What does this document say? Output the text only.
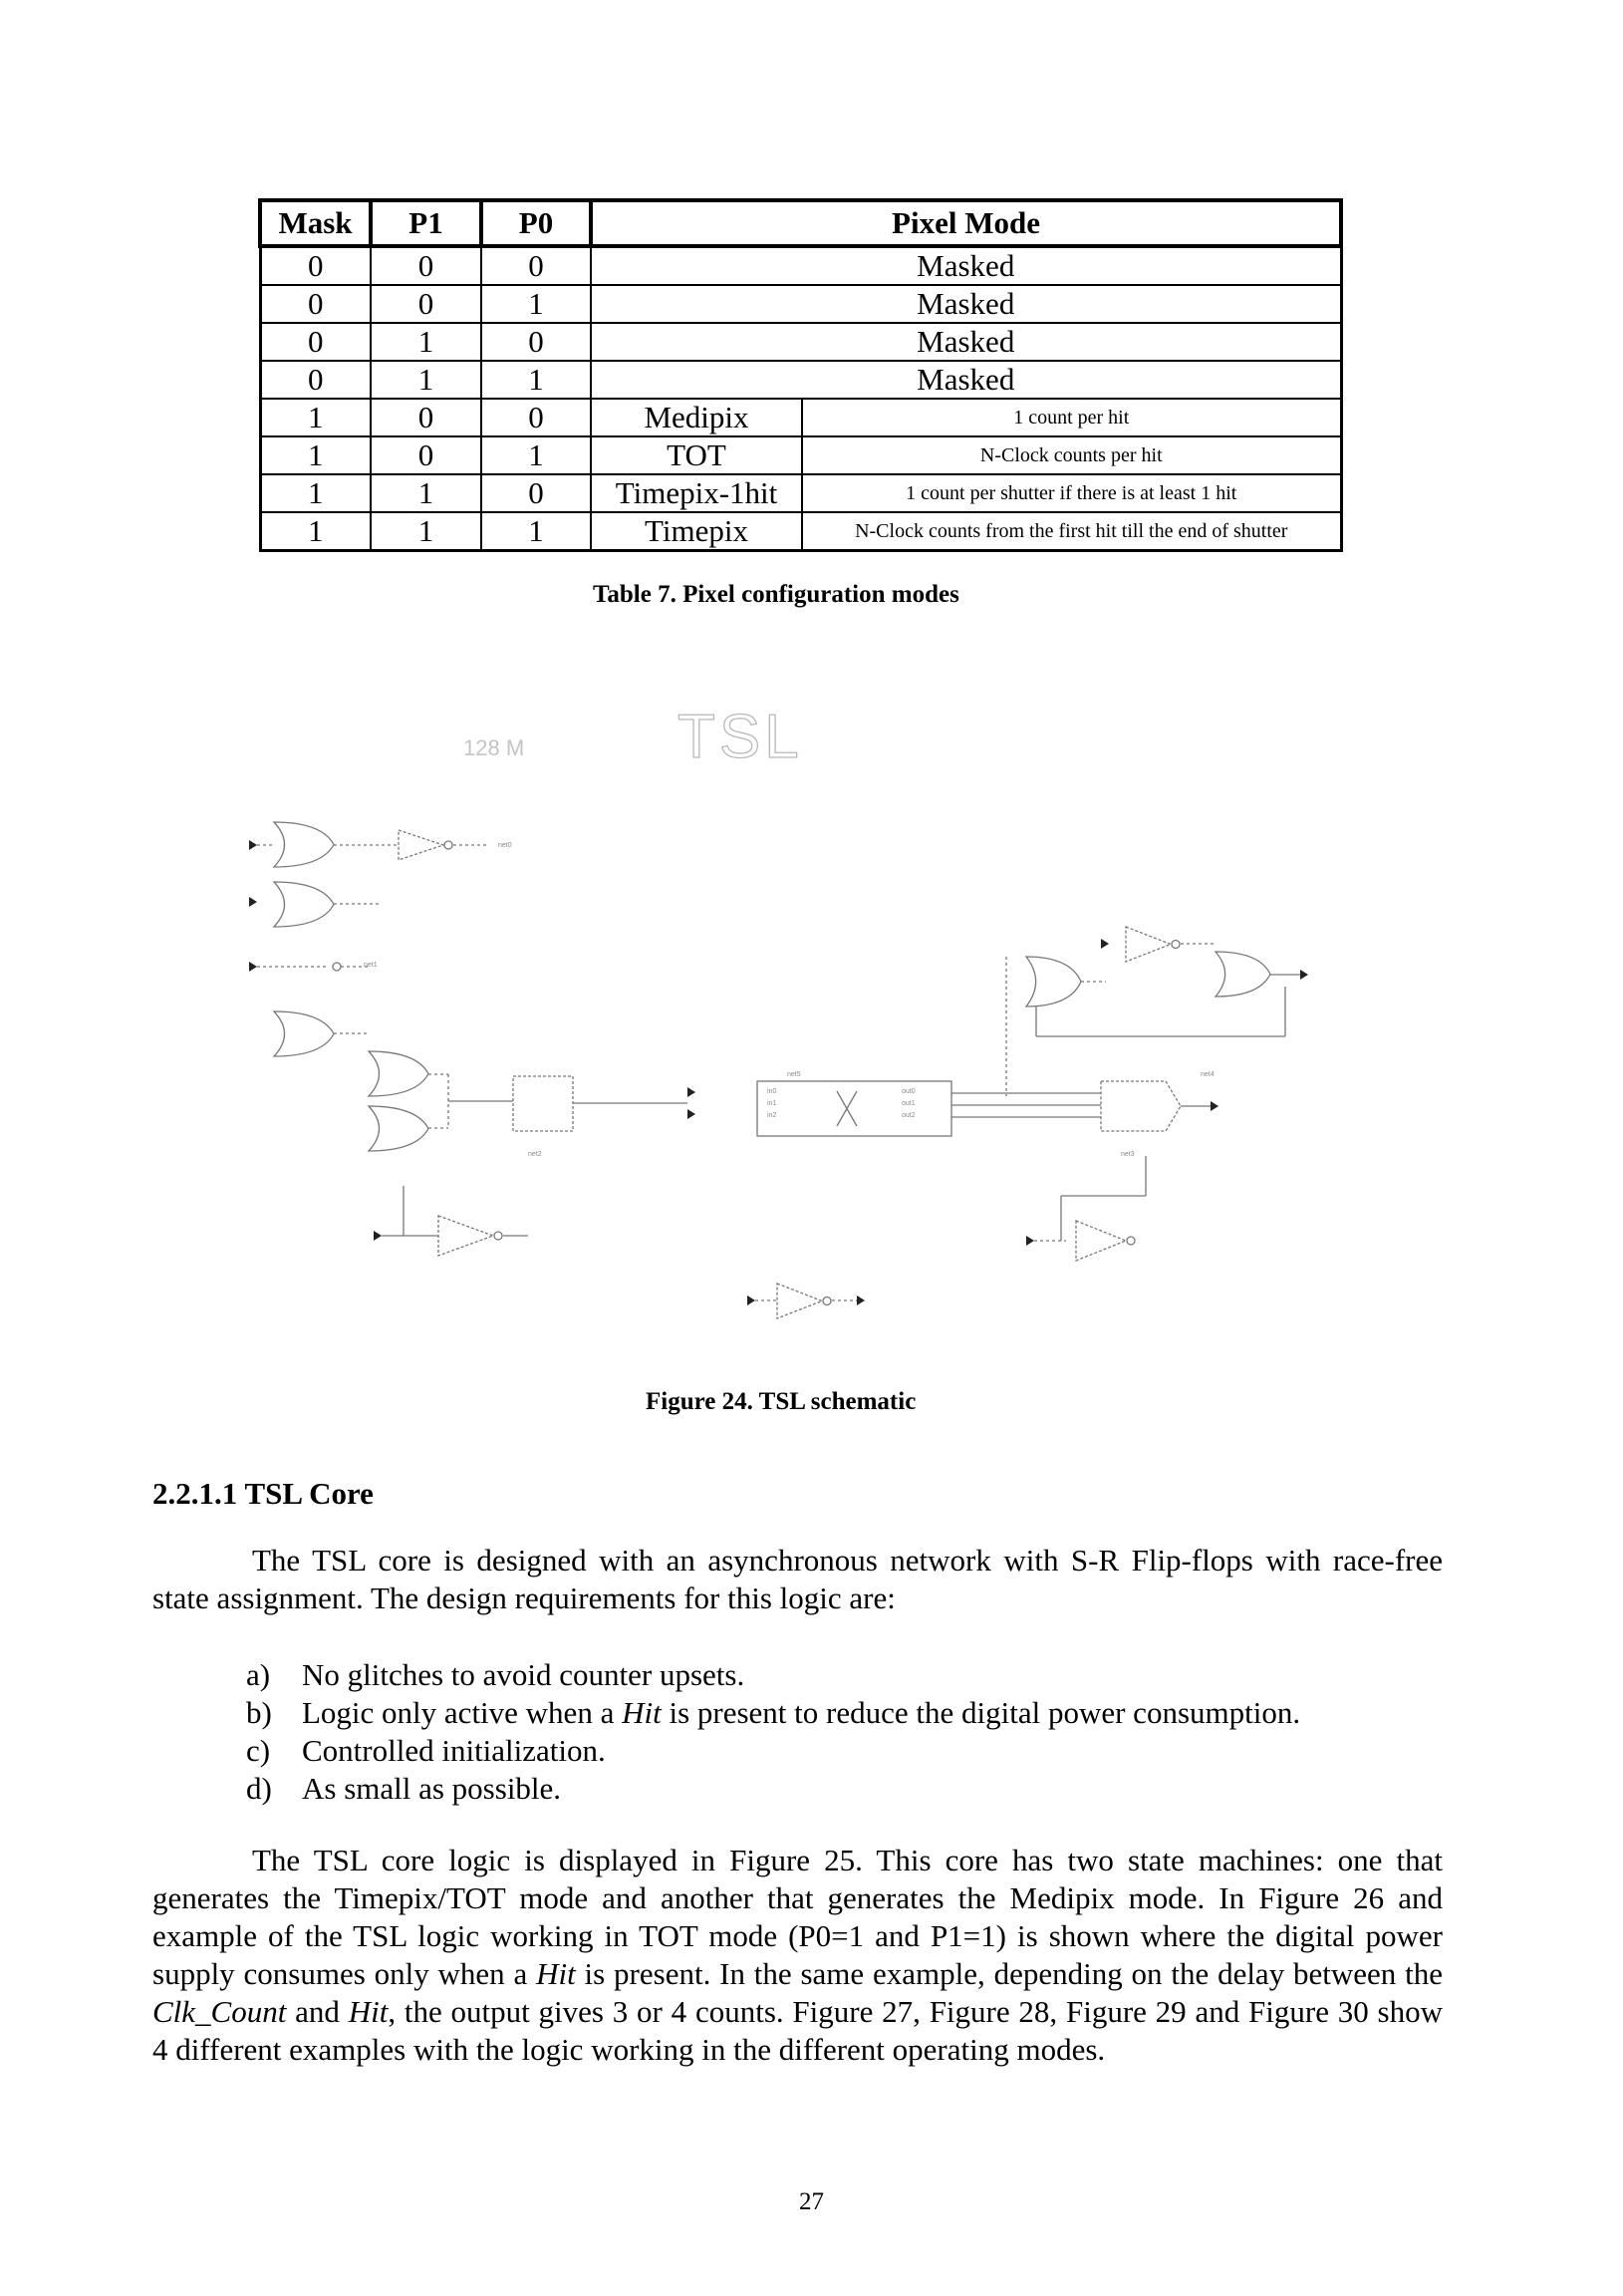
Mask	P1	P0	Pixel Mode	
0	0	0	Masked	
0	0	1	Masked	
0	1	0	Masked	
0	1	1	Masked	
1	0	0	Medipix	1 count per hit
1	0	1	TOT	N-Clock counts per hit
1	1	0	Timepix-1hit	1 count per shutter if there is at least 1 hit
1	1	1	Timepix	N-Clock counts from the first hit till the end of shutter
Table 7. Pixel configuration modes
TSL
128 M
in0	out0
in1	out1
in2	out2
net0
net1
net2	net3
net4
net5
Figure 24. TSL schematic
2.2.1.1 TSL Core

The TSL core is designed with an asynchronous network with S-R Flip-flops with race-free state assignment. The design requirements for this logic are:

a) No glitches to avoid counter upsets.
b) Logic only active when a Hit is present to reduce the digital power consumption.
c) Controlled initialization.
d) As small as possible.

The TSL core logic is displayed in Figure 25. This core has two state machines: one that generates the Timepix/TOT mode and another that generates the Medipix mode. In Figure 26 and example of the TSL logic working in TOT mode (P0=1 and P1=1) is shown where the digital power supply consumes only when a Hit is present. In the same example, depending on the delay between the Clk_Count and Hit, the output gives 3 or 4 counts. Figure 27, Figure 28, Figure 29 and Figure 30 show 4 different examples with the logic working in the different operating modes.

27
